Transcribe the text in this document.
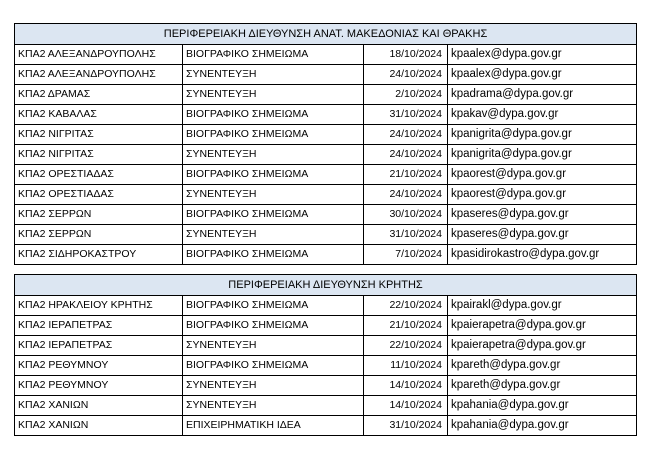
ΠΕΡΙΦΕΡΕΙΑΚΗ ΔΙΕΥΘΥΝΣΗ ΑΝΑΤ. ΜΑΚΕΔΟΝΙΑΣ ΚΑΙ ΘΡΑΚΗΣ			
ΚΠΑ2 ΑΛΕΞΑΝΔΡΟΥΠΟΛΗΣ	ΒΙΟΓΡΑΦΙΚΟ ΣΗΜΕΙΩΜΑ	18/10/2024	kpaalex@dypa.gov.gr
ΚΠΑ2 ΑΛΕΞΑΝΔΡΟΥΠΟΛΗΣ	ΣΥΝΕΝΤΕΥΞΗ	24/10/2024	kpaalex@dypa.gov.gr
ΚΠΑ2 ΔΡΑΜΑΣ	ΣΥΝΕΝΤΕΥΞΗ	2/10/2024	kpadrama@dypa.gov.gr
ΚΠΑ2 ΚΑΒΑΛΑΣ	ΒΙΟΓΡΑΦΙΚΟ ΣΗΜΕΙΩΜΑ	31/10/2024	kpakav@dypa.gov.gr
ΚΠΑ2 ΝΙΓΡΙΤΑΣ	ΒΙΟΓΡΑΦΙΚΟ ΣΗΜΕΙΩΜΑ	24/10/2024	kpanigrita@dypa.gov.gr
ΚΠΑ2 ΝΙΓΡΙΤΑΣ	ΣΥΝΕΝΤΕΥΞΗ	24/10/2024	kpanigrita@dypa.gov.gr
ΚΠΑ2 ΟΡΕΣΤΙΑΔΑΣ	ΒΙΟΓΡΑΦΙΚΟ ΣΗΜΕΙΩΜΑ	21/10/2024	kpaorest@dypa.gov.gr
ΚΠΑ2 ΟΡΕΣΤΙΑΔΑΣ	ΣΥΝΕΝΤΕΥΞΗ	24/10/2024	kpaorest@dypa.gov.gr
ΚΠΑ2 ΣΕΡΡΩΝ	ΒΙΟΓΡΑΦΙΚΟ ΣΗΜΕΙΩΜΑ	30/10/2024	kpaseres@dypa.gov.gr
ΚΠΑ2 ΣΕΡΡΩΝ	ΣΥΝΕΝΤΕΥΞΗ	31/10/2024	kpaseres@dypa.gov.gr
ΚΠΑ2 ΣΙΔΗΡΟΚΑΣΤΡΟΥ	ΒΙΟΓΡΑΦΙΚΟ ΣΗΜΕΙΩΜΑ	7/10/2024	kpasidirokastro@dypa.gov.gr

ΠΕΡΙΦΕΡΕΙΑΚΗ ΔΙΕΥΘΥΝΣΗ ΚΡΗΤΗΣ			
ΚΠΑ2 ΗΡΑΚΛΕΙΟΥ ΚΡΗΤΗΣ	ΒΙΟΓΡΑΦΙΚΟ ΣΗΜΕΙΩΜΑ	22/10/2024	kpairakl@dypa.gov.gr
ΚΠΑ2 ΙΕΡΑΠΕΤΡΑΣ	ΒΙΟΓΡΑΦΙΚΟ ΣΗΜΕΙΩΜΑ	21/10/2024	kpaierapetra@dypa.gov.gr
ΚΠΑ2 ΙΕΡΑΠΕΤΡΑΣ	ΣΥΝΕΝΤΕΥΞΗ	22/10/2024	kpaierapetra@dypa.gov.gr
ΚΠΑ2 ΡΕΘΥΜΝΟΥ	ΒΙΟΓΡΑΦΙΚΟ ΣΗΜΕΙΩΜΑ	11/10/2024	kpareth@dypa.gov.gr
ΚΠΑ2 ΡΕΘΥΜΝΟΥ	ΣΥΝΕΝΤΕΥΞΗ	14/10/2024	kpareth@dypa.gov.gr
ΚΠΑ2 ΧΑΝΙΩΝ	ΣΥΝΕΝΤΕΥΞΗ	14/10/2024	kpahania@dypa.gov.gr
ΚΠΑ2 ΧΑΝΙΩΝ	ΕΠΙΧΕΙΡΗΜΑΤΙΚΗ ΙΔΕΑ	31/10/2024	kpahania@dypa.gov.gr
